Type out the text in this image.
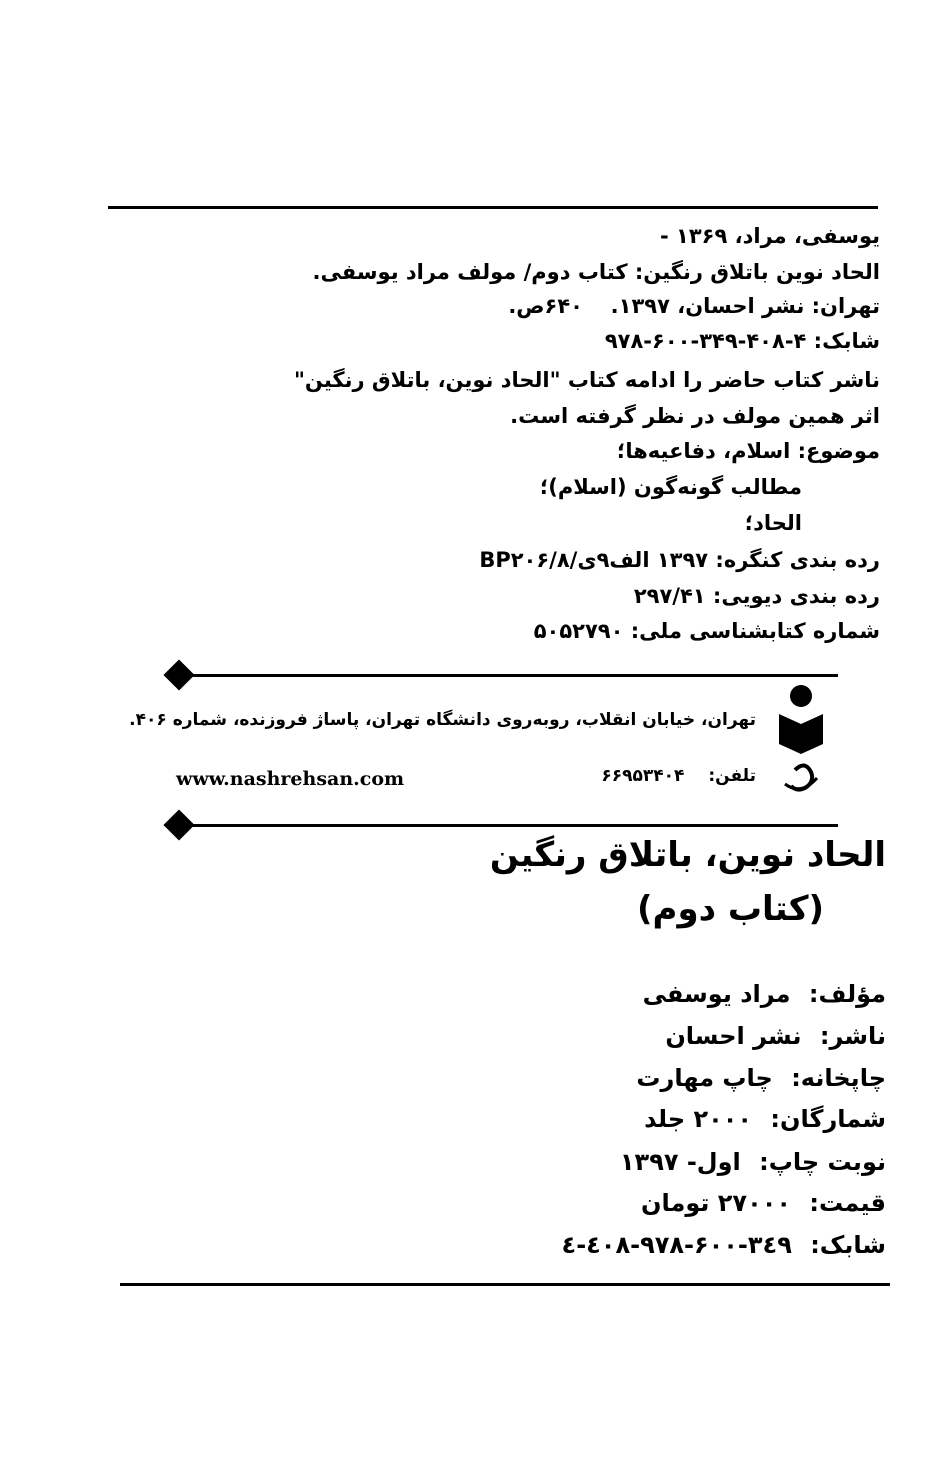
یوسفی، مراد، ۱۳۶۹ -
الحاد نوین باتلاق رنگین: کتاب دوم/ مولف مراد یوسفی.
تهران: نشر احسان، ۱۳۹۷.
۶۴۰ص.
شابک: ۴-۴۰۸-۳۴۹-۶۰۰-۹۷۸
ناشر کتاب حاضر را ادامه کتاب "الحاد نوین، باتلاق رنگین"
اثر همین مولف در نظر گرفته است.
موضوع: اسلام، دفاعیه‌ها؛
مطالب گونه‌گون (اسلام)؛
الحاد؛
رده بندی کنگره: ۱۳۹۷ الف۹ی/BP۲۰۶/۸
رده بندی دیویی: ۲۹۷/۴۱
شماره کتابشناسی ملی: ۵۰۵۲۷۹۰
تهران، خیابان انقلاب، روبه‌روی دانشگاه تهران، پاساژ فروزنده، شماره ۴۰۶.
تلفن: ۶۶۹۵۳۴۰۴
www.nashrehsan.com
الحاد نوین، باتلاق رنگین
(کتاب دوم)
مؤلف: مراد یوسفی
ناشر: نشر احسان
چاپخانه: چاپ مهارت
شمارگان: ۲۰۰۰ جلد
نوبت چاپ: اول- ۱۳۹۷
قیمت: ۲۷۰۰۰ تومان
شابک: ۹۷۸-۶۰۰-۳٤۹-٤۰۸-٤
